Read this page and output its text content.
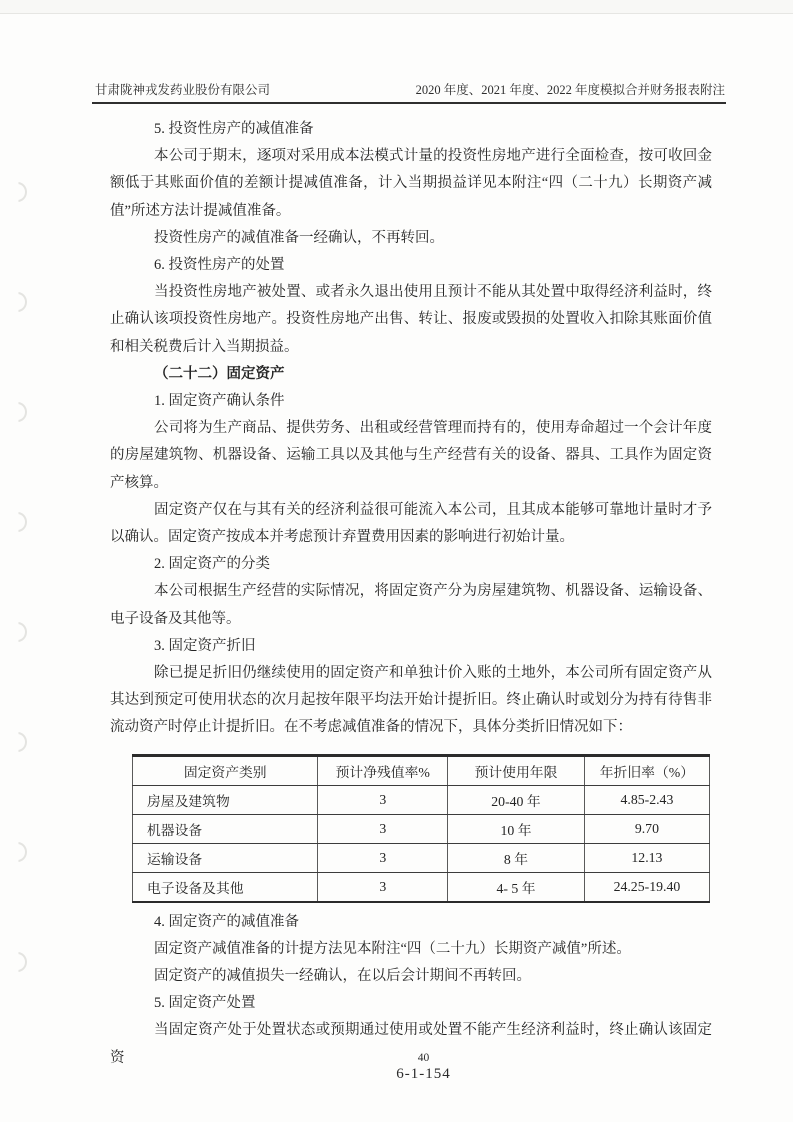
甘肃陇神戎发药业股份有限公司	2020 年度、2021 年度、2022 年度模拟合并财务报表附注

5. 投资性房产的减值准备

本公司于期末，逐项对采用成本法模式计量的投资性房地产进行全面检查，按可收回金额低于其账面价值的差额计提减值准备，计入当期损益详见本附注“四（二十九）长期资产减值”所述方法计提减值准备。

投资性房产的减值准备一经确认，不再转回。

6. 投资性房产的处置

当投资性房地产被处置、或者永久退出使用且预计不能从其处置中取得经济利益时，终止确认该项投资性房地产。投资性房地产出售、转让、报废或毁损的处置收入扣除其账面价值和相关税费后计入当期损益。

（二十二）固定资产

1. 固定资产确认条件

公司将为生产商品、提供劳务、出租或经营管理而持有的，使用寿命超过一个会计年度的房屋建筑物、机器设备、运输工具以及其他与生产经营有关的设备、器具、工具作为固定资产核算。

固定资产仅在与其有关的经济利益很可能流入本公司，且其成本能够可靠地计量时才予以确认。固定资产按成本并考虑预计弃置费用因素的影响进行初始计量。

2. 固定资产的分类

本公司根据生产经营的实际情况，将固定资产分为房屋建筑物、机器设备、运输设备、电子设备及其他等。

3. 固定资产折旧

除已提足折旧仍继续使用的固定资产和单独计价入账的土地外，本公司所有固定资产从其达到预定可使用状态的次月起按年限平均法开始计提折旧。终止确认时或划分为持有待售非流动资产时停止计提折旧。在不考虑减值准备的情况下，具体分类折旧情况如下：

固定资产类别	预计净残值率%	预计使用年限	年折旧率（%）
房屋及建筑物	3	20-40 年	4.85-2.43
机器设备	3	10 年	9.70
运输设备	3	8 年	12.13
电子设备及其他	3	4- 5 年	24.25-19.40

4. 固定资产的减值准备

固定资产减值准备的计提方法见本附注“四（二十九）长期资产减值”所述。

固定资产的减值损失一经确认，在以后会计期间不再转回。

5. 固定资产处置

当固定资产处于处置状态或预期通过使用或处置不能产生经济利益时，终止确认该固定资	40
6-1-154
